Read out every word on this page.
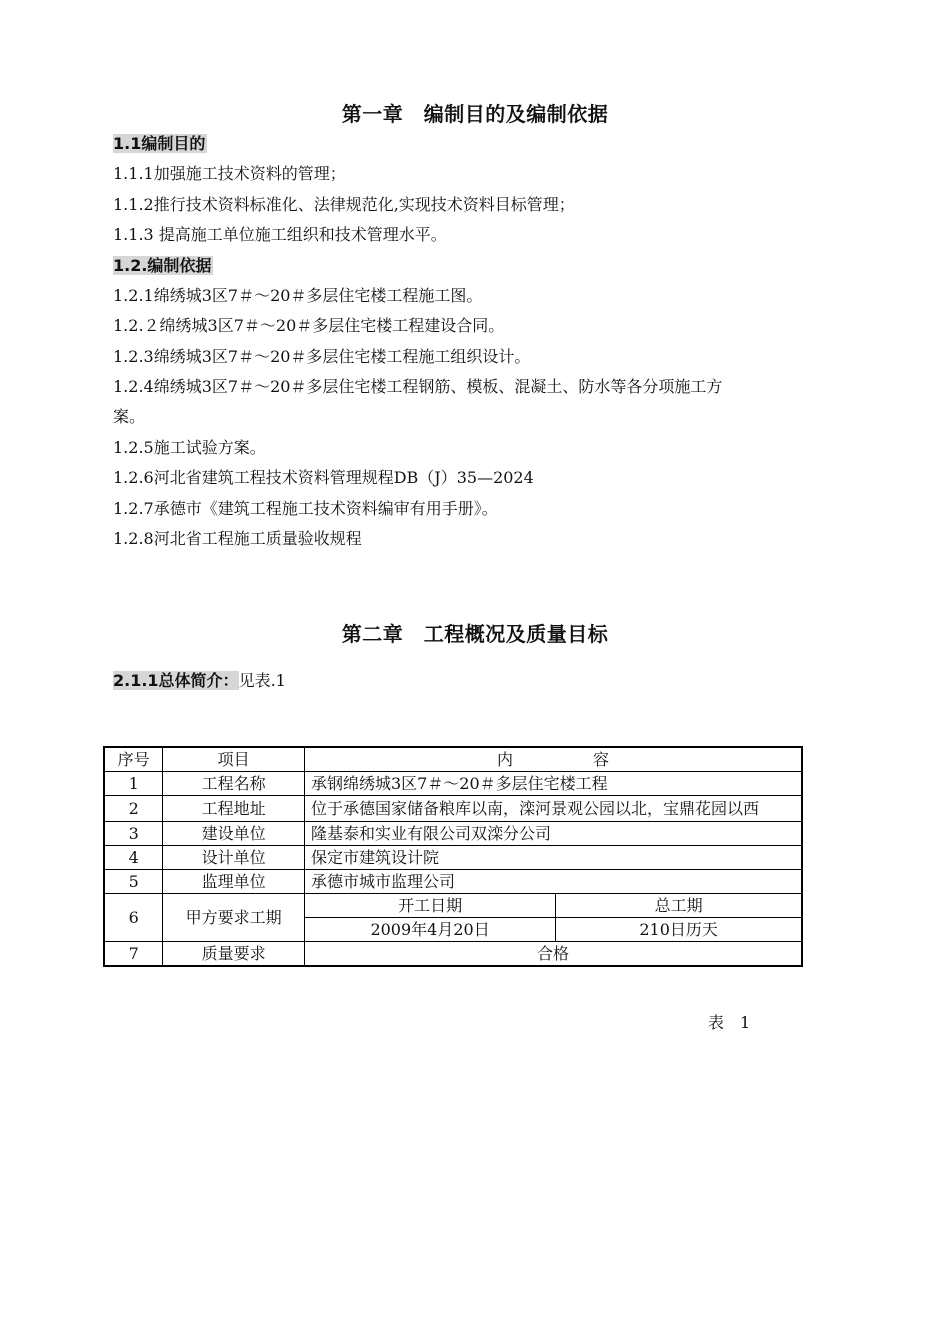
第一章　编制目的及编制依据
1.1编制目的
1.1.1加强施工技术资料的管理；
1.1.2推行技术资料标准化、法律规范化,实现技术资料目标管理；
1.1.3 提高施工单位施工组织和技术管理水平。
1.2.编制依据
1.2.1绵绣城3区7＃～20＃多层住宅楼工程施工图。
1.2.２绵绣城3区7＃～20＃多层住宅楼工程建设合同。
1.2.3绵绣城3区7＃～20＃多层住宅楼工程施工组织设计。
1.2.4绵绣城3区7＃～20＃多层住宅楼工程钢筋、模板、混凝土、防水等各分项施工方
案。
1.2.5施工试验方案。
1.2.6河北省建筑工程技术资料管理规程DB（J）35—2024
1.2.7承德市《建筑工程施工技术资料编审有用手册》。
1.2.8河北省工程施工质量验收规程
第二章　工程概况及质量目标
2.1.1总体简介：见表.1
序号	项目	内　　　　　容	
1	工程名称	承钢绵绣城3区7＃～20＃多层住宅楼工程	
2	工程地址	位于承德国家储备粮库以南，滦河景观公园以北，宝鼎花园以西	
3	建设单位	隆基泰和实业有限公司双滦分公司	
4	设计单位	保定市建筑设计院	
5	监理单位	承德市城市监理公司	
6	甲方要求工期	开工日期	总工期
		2009年4月20日	210日历天
7	质量要求	合格	
表　1
